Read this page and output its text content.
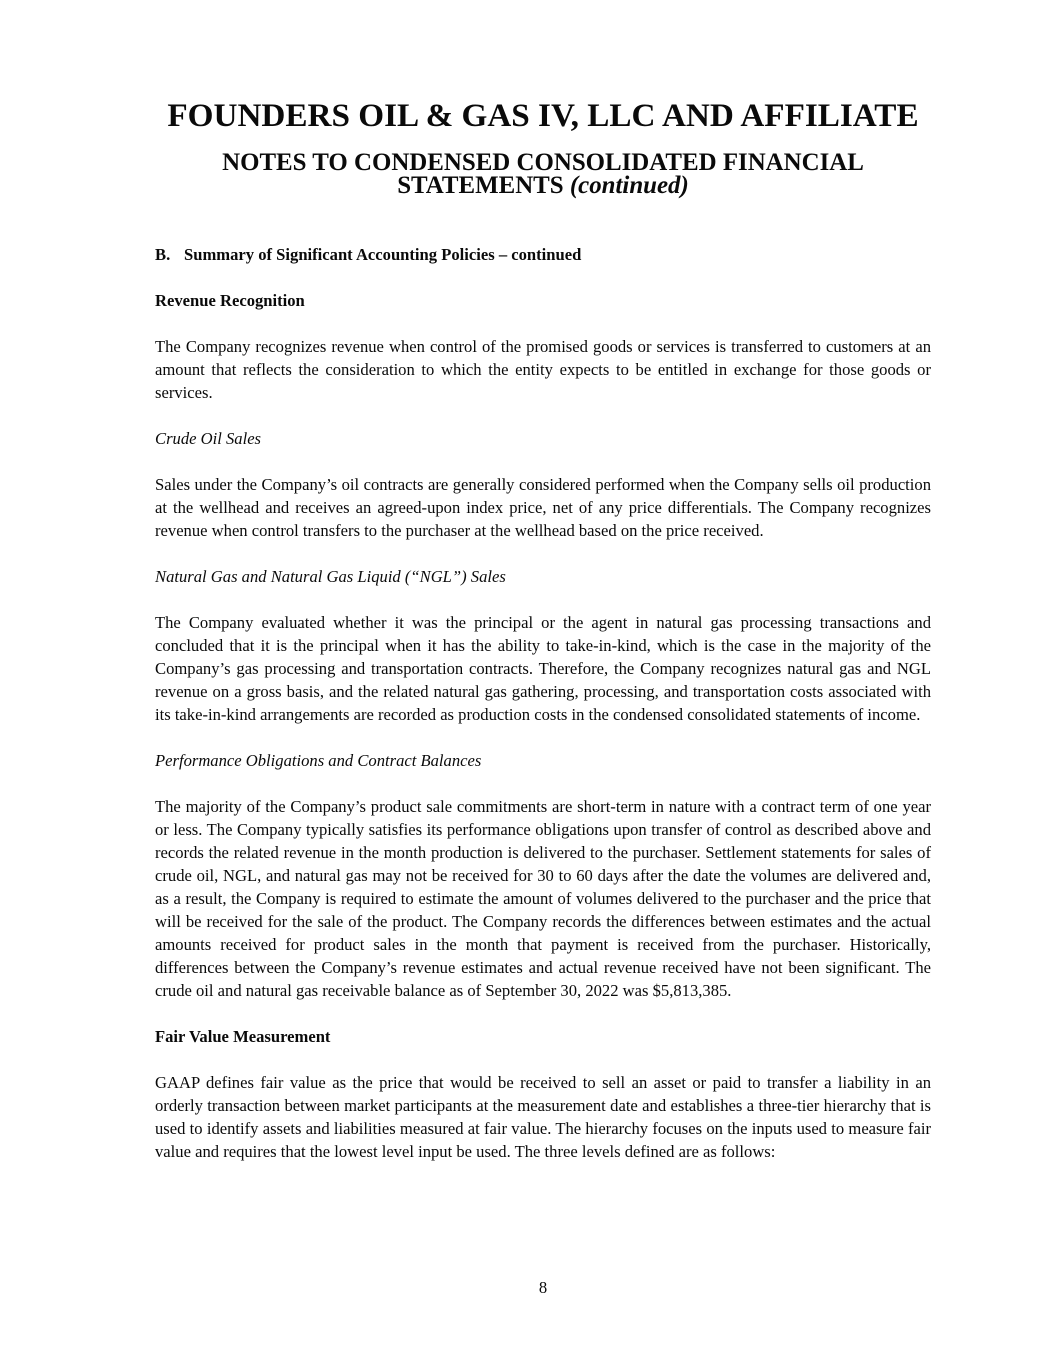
FOUNDERS OIL & GAS IV, LLC AND AFFILIATE
NOTES TO CONDENSED CONSOLIDATED FINANCIAL STATEMENTS (continued)
B. Summary of Significant Accounting Policies – continued
Revenue Recognition

The Company recognizes revenue when control of the promised goods or services is transferred to customers at an amount that reflects the consideration to which the entity expects to be entitled in exchange for those goods or services.

Crude Oil Sales

Sales under the Company’s oil contracts are generally considered performed when the Company sells oil production at the wellhead and receives an agreed-upon index price, net of any price differentials. The Company recognizes revenue when control transfers to the purchaser at the wellhead based on the price received.

Natural Gas and Natural Gas Liquid (“NGL”) Sales

The Company evaluated whether it was the principal or the agent in natural gas processing transactions and concluded that it is the principal when it has the ability to take-in-kind, which is the case in the majority of the Company’s gas processing and transportation contracts. Therefore, the Company recognizes natural gas and NGL revenue on a gross basis, and the related natural gas gathering, processing, and transportation costs associated with its take-in-kind arrangements are recorded as production costs in the condensed consolidated statements of income.

Performance Obligations and Contract Balances

The majority of the Company’s product sale commitments are short-term in nature with a contract term of one year or less. The Company typically satisfies its performance obligations upon transfer of control as described above and records the related revenue in the month production is delivered to the purchaser. Settlement statements for sales of crude oil, NGL, and natural gas may not be received for 30 to 60 days after the date the volumes are delivered and, as a result, the Company is required to estimate the amount of volumes delivered to the purchaser and the price that will be received for the sale of the product. The Company records the differences between estimates and the actual amounts received for product sales in the month that payment is received from the purchaser. Historically, differences between the Company’s revenue estimates and actual revenue received have not been significant. The crude oil and natural gas receivable balance as of September 30, 2022 was $5,813,385.

Fair Value Measurement

GAAP defines fair value as the price that would be received to sell an asset or paid to transfer a liability in an orderly transaction between market participants at the measurement date and establishes a three-tier hierarchy that is used to identify assets and liabilities measured at fair value. The hierarchy focuses on the inputs used to measure fair value and requires that the lowest level input be used. The three levels defined are as follows:

8
